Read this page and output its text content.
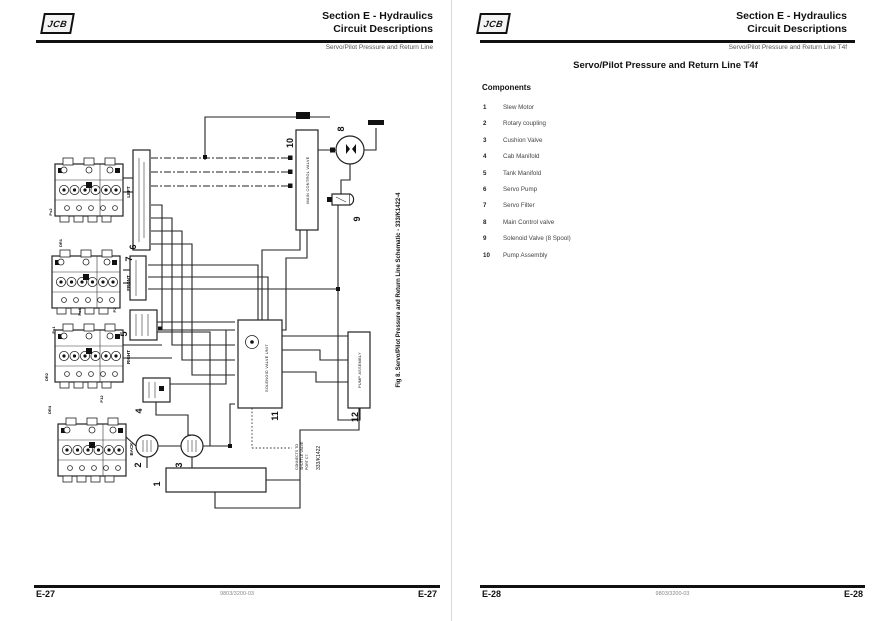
JCB
Section E - Hydraulics
Circuit Descriptions
Servo/Pilot Pressure and Return Line
MAIN CONTROL VALVE
SOLENOID VALVE UNIT	PUMP ASSEMBLY
1
2	3
4
5
6
7
8
9
10
11	12
LEFT
FRONT
RIGHT
BACK
Ps2
DR1
Ps4	P2
Ps1
DR2
P12
DR4
CONNECTS TO SHUTTLE VALVE PORT C7. 333/K1422
Fig 8. Servo/Pilot Pressure and Return Line Schematic - 333/K1422-4
E-27	9803/3200-03	E-27
JCB
Section E - Hydraulics
Circuit Descriptions
Servo/Pilot Pressure and Return Line T4f
Servo/Pilot Pressure and Return Line T4f
Components
1	Slew Motor
2	Rotary coupling
3	Cushion Valve
4	Cab Manifold
5	Tank Manifold
6	Servo Pump
7	Servo Filter
8	Main Control valve
9	Solenoid Valve (8 Spool)
10 Pump Assembly
E-28	9803/3200-03	E-28
